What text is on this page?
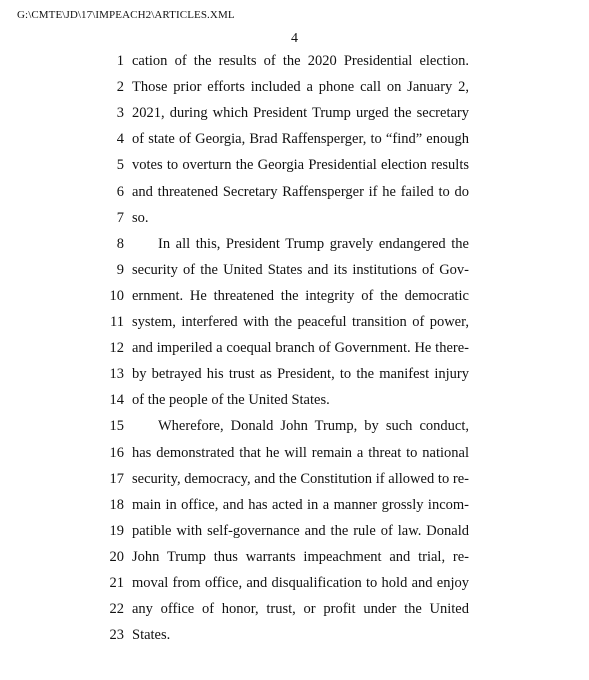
G:\CMTE\JD\17\IMPEACH2\ARTICLES.XML
4
1 cation of the results of the 2020 Presidential election.
2 Those prior efforts included a phone call on January 2,
3 2021, during which President Trump urged the secretary
4 of state of Georgia, Brad Raffensperger, to “find” enough
5 votes to overturn the Georgia Presidential election results
6 and threatened Secretary Raffensperger if he failed to do
7 so.
8 In all this, President Trump gravely endangered the
9 security of the United States and its institutions of Gov-
10 ernment. He threatened the integrity of the democratic
11 system, interfered with the peaceful transition of power,
12 and imperiled a coequal branch of Government. He there-
13 by betrayed his trust as President, to the manifest injury
14 of the people of the United States.
15 Wherefore, Donald John Trump, by such conduct,
16 has demonstrated that he will remain a threat to national
17 security, democracy, and the Constitution if allowed to re-
18 main in office, and has acted in a manner grossly incom-
19 patible with self-governance and the rule of law. Donald
20 John Trump thus warrants impeachment and trial, re-
21 moval from office, and disqualification to hold and enjoy
22 any office of honor, trust, or profit under the United
23 States.
